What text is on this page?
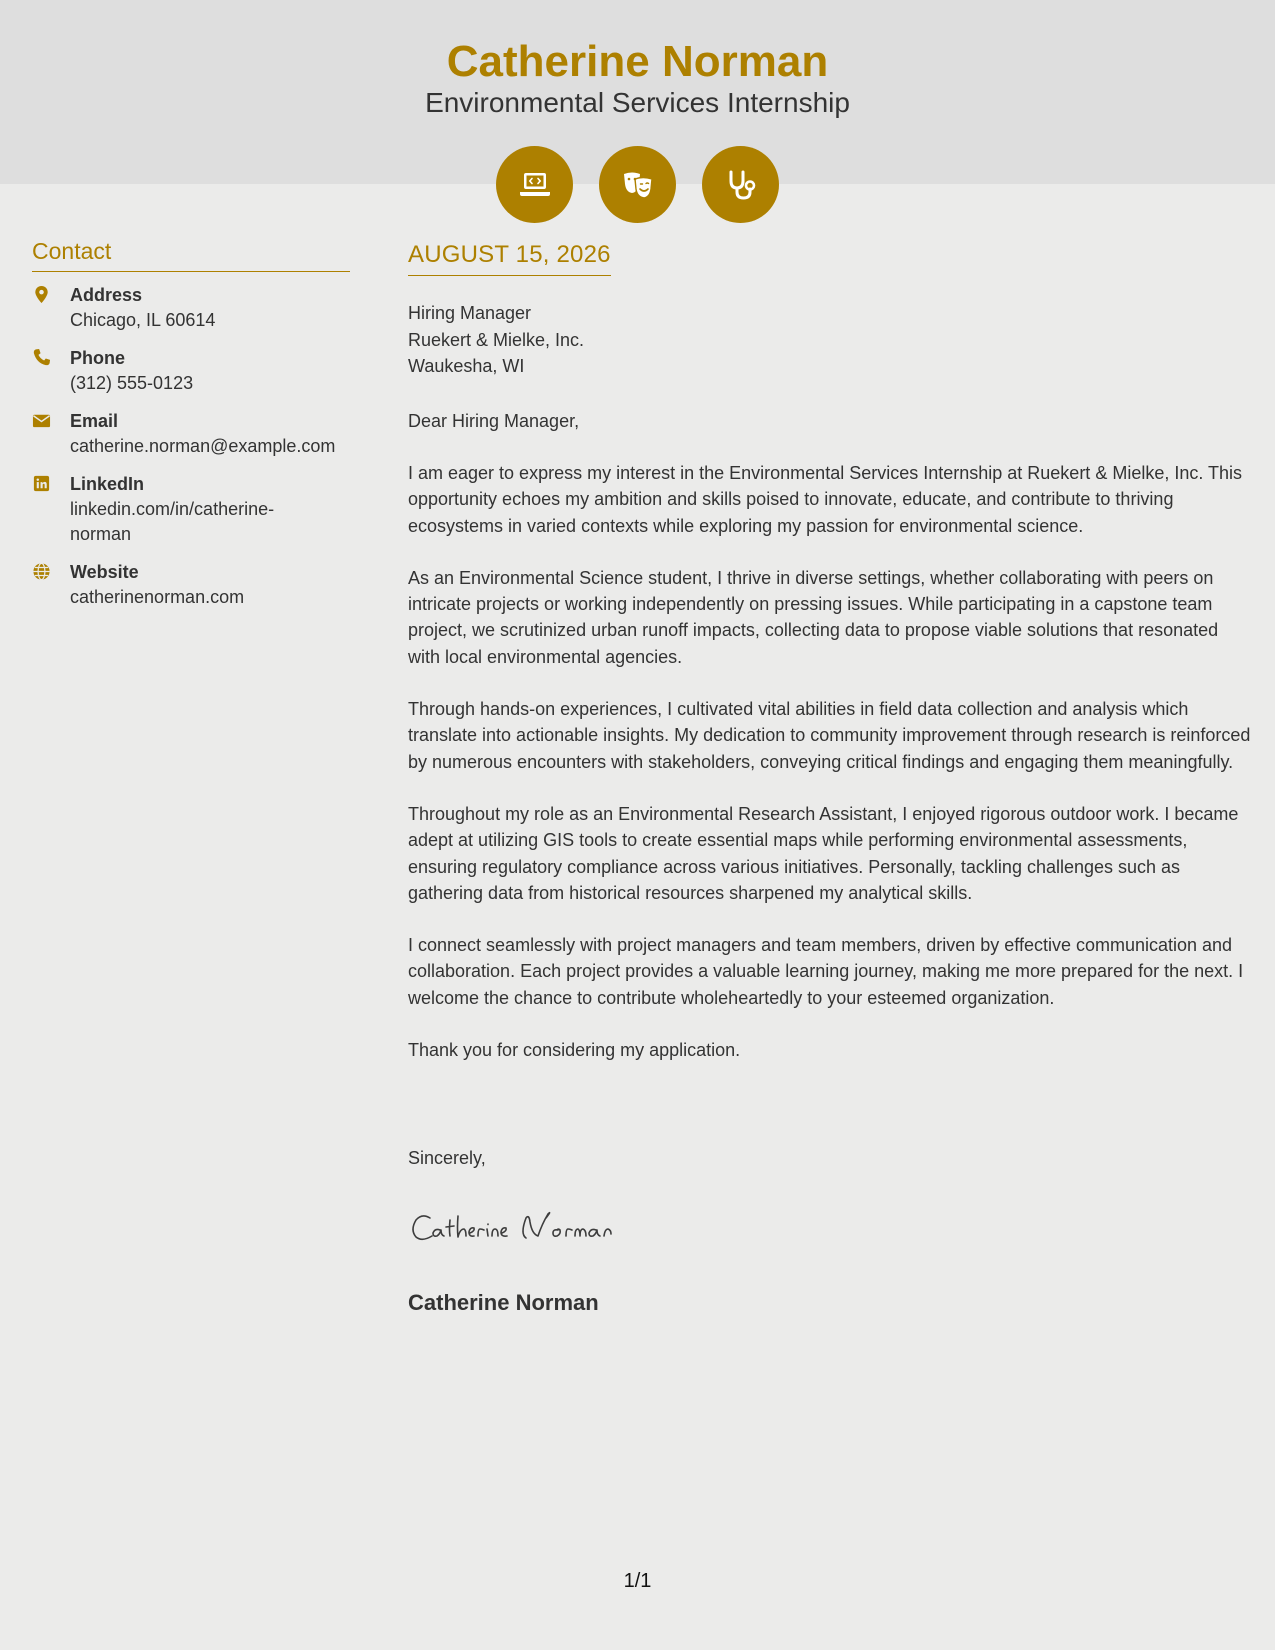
Catherine Norman
Environmental Services Internship
Contact
Address
Chicago, IL 60614
Phone
(312) 555-0123
Email
catherine.norman@example.com
LinkedIn
linkedin.com/in/catherine-norman
Website
catherinenorman.com
AUGUST 15, 2026
Hiring Manager
Ruekert & Mielke, Inc.
Waukesha, WI
Dear Hiring Manager,

I am eager to express my interest in the Environmental Services Internship at Ruekert & Mielke, Inc. This opportunity echoes my ambition and skills poised to innovate, educate, and contribute to thriving ecosystems in varied contexts while exploring my passion for environmental science.

As an Environmental Science student, I thrive in diverse settings, whether collaborating with peers on intricate projects or working independently on pressing issues. While participating in a capstone team project, we scrutinized urban runoff impacts, collecting data to propose viable solutions that resonated with local environmental agencies.

Through hands-on experiences, I cultivated vital abilities in field data collection and analysis which translate into actionable insights. My dedication to community improvement through research is reinforced by numerous encounters with stakeholders, conveying critical findings and engaging them meaningfully.

Throughout my role as an Environmental Research Assistant, I enjoyed rigorous outdoor work. I became adept at utilizing GIS tools to create essential maps while performing environmental assessments, ensuring regulatory compliance across various initiatives. Personally, tackling challenges such as gathering data from historical resources sharpened my analytical skills.

I connect seamlessly with project managers and team members, driven by effective communication and collaboration. Each project provides a valuable learning journey, making me more prepared for the next. I welcome the chance to contribute wholeheartedly to your esteemed organization.

Thank you for considering my application.

Sincerely,
Catherine Norman
1/1
